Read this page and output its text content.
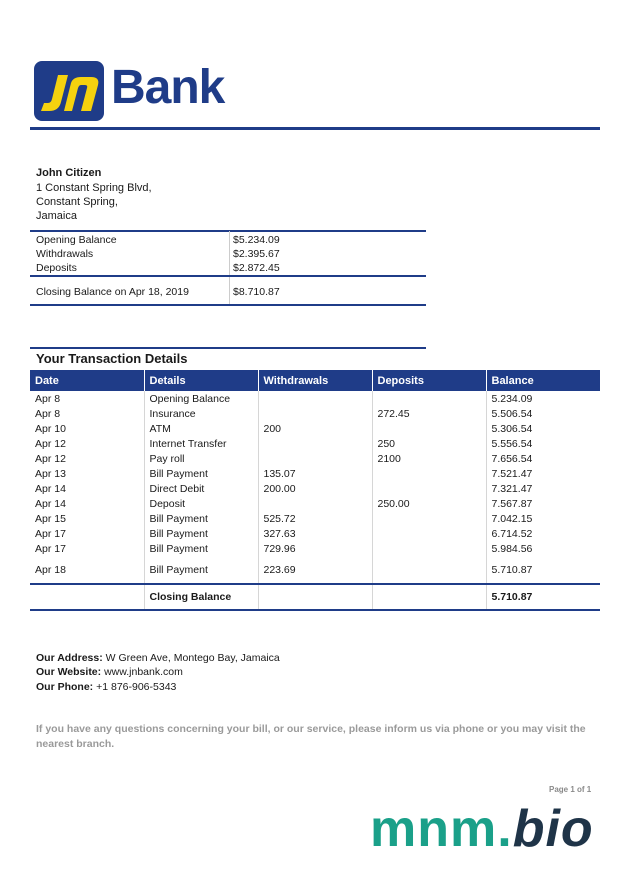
Bank
John Citizen
1 Constant Spring Blvd,
Constant Spring,
Jamaica
Opening Balance	$5.234.09
Withdrawals	$2.395.67
Deposits	$2.872.45
Closing Balance on Apr 18, 2019	$8.710.87
Your Transaction Details
Date	Details	Withdrawals	Deposits	Balance
Apr 8	Opening Balance			5.234.09
Apr 8	Insurance		272.45	5.506.54
Apr 10	ATM	200		5.306.54
Apr 12	Internet Transfer		250	5.556.54
Apr 12	Pay roll		2100	7.656.54
Apr 13	Bill Payment	135.07		7.521.47
Apr 14	Direct Debit	200.00		7.321.47
Apr 14	Deposit		250.00	7.567.87
Apr 15	Bill Payment	525.72		7.042.15
Apr 17	Bill Payment	327.63		6.714.52
Apr 17	Bill Payment	729.96		5.984.56
Apr 18	Bill Payment	223.69		5.710.87

	Closing Balance			5.710.87
Our Address: W Green Ave, Montego Bay, Jamaica
Our Website: www.jnbank.com
Our Phone: +1 876-906-5343
If you have any questions concerning your bill, or our service, please inform us via phone or you may visit the nearest branch.
Page 1 of 1
mnm.bio
